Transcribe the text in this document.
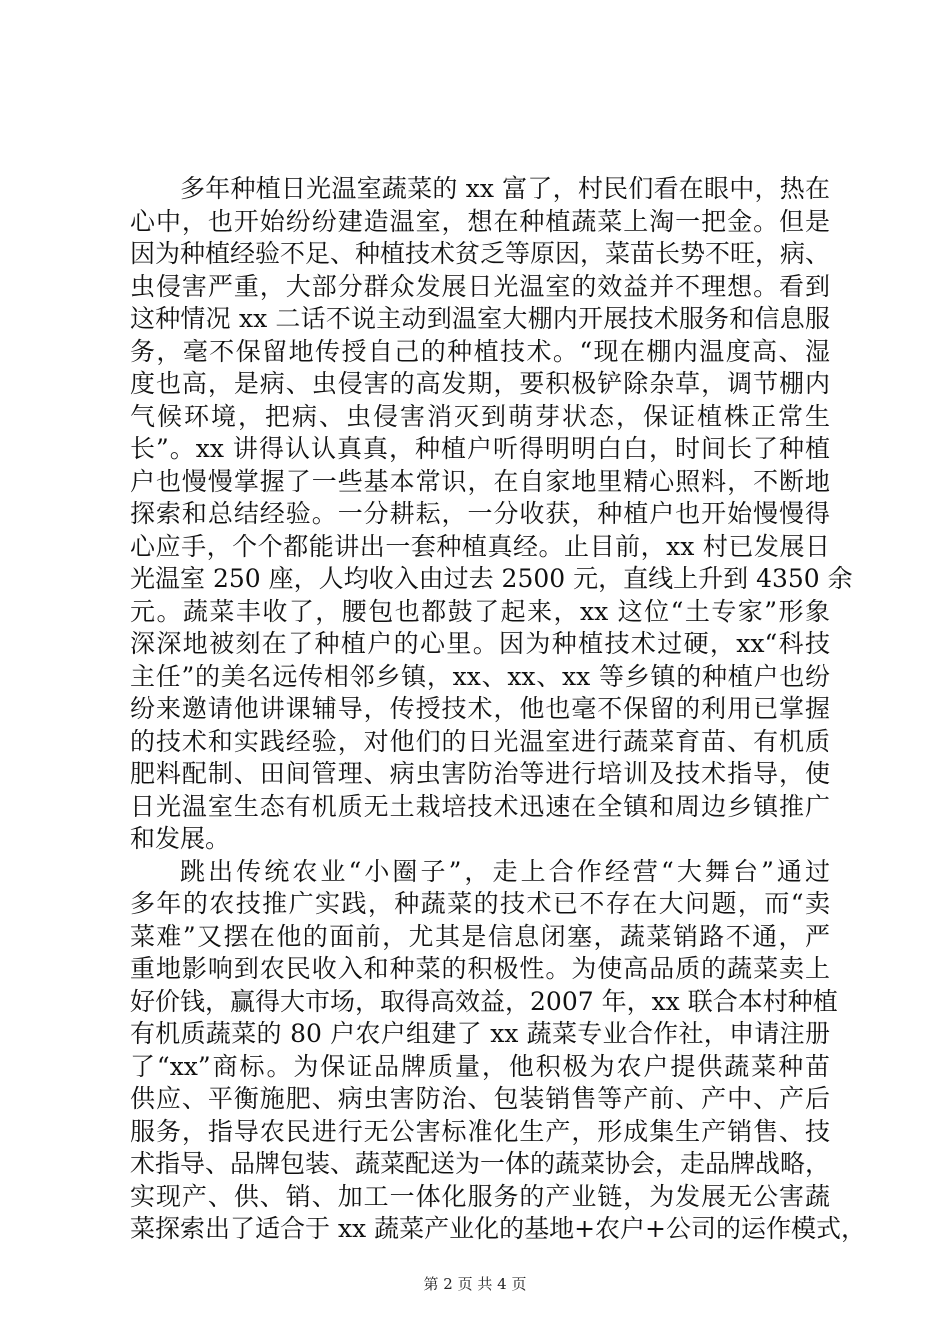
多年种植日光温室蔬菜的 xx 富了，村民们看在眼中，热在
心中，也开始纷纷建造温室，想在种植蔬菜上淘一把金。但是
因为种植经验不足、种植技术贫乏等原因，菜苗长势不旺，病、
虫侵害严重，大部分群众发展日光温室的效益并不理想。看到
这种情况 xx 二话不说主动到温室大棚内开展技术服务和信息服
务，毫不保留地传授自己的种植技术。“现在棚内温度高、湿
度也高，是病、虫侵害的高发期，要积极铲除杂草，调节棚内
气候环境，把病、虫侵害消灭到萌芽状态，保证植株正常生
长”。xx 讲得认认真真，种植户听得明明白白，时间长了种植
户也慢慢掌握了一些基本常识，在自家地里精心照料，不断地
探索和总结经验。一分耕耘，一分收获，种植户也开始慢慢得
心应手，个个都能讲出一套种植真经。止目前，xx 村已发展日
光温室 250 座，人均收入由过去 2500 元，直线上升到 4350 余
元。蔬菜丰收了，腰包也都鼓了起来，xx 这位“土专家”形象
深深地被刻在了种植户的心里。因为种植技术过硬，xx“科技
主任”的美名远传相邻乡镇，xx、xx、xx 等乡镇的种植户也纷
纷来邀请他讲课辅导，传授技术，他也毫不保留的利用已掌握
的技术和实践经验，对他们的日光温室进行蔬菜育苗、有机质
肥料配制、田间管理、病虫害防治等进行培训及技术指导，使
日光温室生态有机质无土栽培技术迅速在全镇和周边乡镇推广
和发展。
跳出传统农业“小圈子”，走上合作经营“大舞台”通过
多年的农技推广实践，种蔬菜的技术已不存在大问题，而“卖
菜难”又摆在他的面前，尤其是信息闭塞，蔬菜销路不通，严
重地影响到农民收入和种菜的积极性。为使高品质的蔬菜卖上
好价钱，赢得大市场，取得高效益，2007 年，xx 联合本村种植
有机质蔬菜的 80 户农户组建了 xx 蔬菜专业合作社，申请注册
了“xx”商标。为保证品牌质量，他积极为农户提供蔬菜种苗
供应、平衡施肥、病虫害防治、包装销售等产前、产中、产后
服务，指导农民进行无公害标准化生产，形成集生产销售、技
术指导、品牌包装、蔬菜配送为一体的蔬菜协会，走品牌战略，
实现产、供、销、加工一体化服务的产业链，为发展无公害蔬
菜探索出了适合于 xx 蔬菜产业化的基地+农户+公司的运作模式，
第 2 页 共 4 页
